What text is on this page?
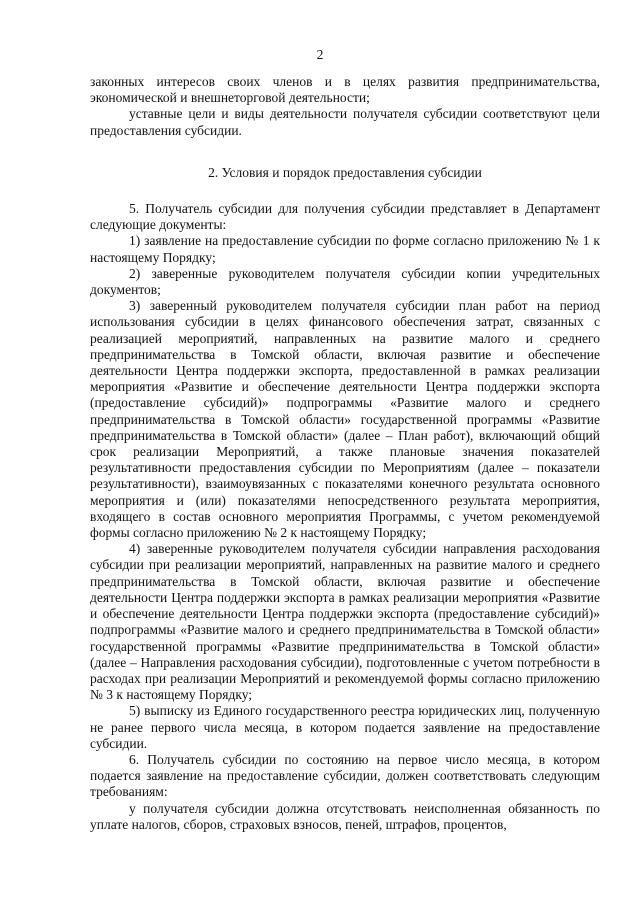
2

законных интересов своих членов и в целях развития предпринимательства, экономической и внешнеторговой деятельности;

уставные цели и виды деятельности получателя субсидии соответствуют цели предоставления субсидии.

2. Условия и порядок предоставления субсидии

5. Получатель субсидии для получения субсидии представляет в Департамент следующие документы:

1) заявление на предоставление субсидии по форме согласно приложению № 1 к настоящему Порядку;

2) заверенные руководителем получателя субсидии копии учредительных документов;

3) заверенный руководителем получателя субсидии план работ на период использования субсидии в целях финансового обеспечения затрат, связанных с реализацией мероприятий, направленных на развитие малого и среднего предпринимательства в Томской области, включая развитие и обеспечение деятельности Центра поддержки экспорта, предоставленной в рамках реализации мероприятия «Развитие и обеспечение деятельности Центра поддержки экспорта (предоставление субсидий)» подпрограммы «Развитие малого и среднего предпринимательства в Томской области» государственной программы «Развитие предпринимательства в Томской области» (далее – План работ), включающий общий срок реализации Мероприятий, а также плановые значения показателей результативности предоставления субсидии по Мероприятиям (далее – показатели результативности), взаимоувязанных с показателями конечного результата основного мероприятия и (или) показателями непосредственного результата мероприятия, входящего в состав основного мероприятия Программы, с учетом рекомендуемой формы согласно приложению № 2 к настоящему Порядку;

4) заверенные руководителем получателя субсидии направления расходования субсидии при реализации мероприятий, направленных на развитие малого и среднего предпринимательства в Томской области, включая развитие и обеспечение деятельности Центра поддержки экспорта в рамках реализации мероприятия «Развитие и обеспечение деятельности Центра поддержки экспорта (предоставление субсидий)» подпрограммы «Развитие малого и среднего предпринимательства в Томской области» государственной программы «Развитие предпринимательства в Томской области» (далее – Направления расходования субсидии), подготовленные с учетом потребности в расходах при реализации Мероприятий и рекомендуемой формы согласно приложению № 3 к настоящему Порядку;

5) выписку из Единого государственного реестра юридических лиц, полученную не ранее первого числа месяца, в котором подается заявление на предоставление субсидии.

6. Получатель субсидии по состоянию на первое число месяца, в котором подается заявление на предоставление субсидии, должен соответствовать следующим требованиям:

у получателя субсидии должна отсутствовать неисполненная обязанность по уплате налогов, сборов, страховых взносов, пеней, штрафов, процентов,
